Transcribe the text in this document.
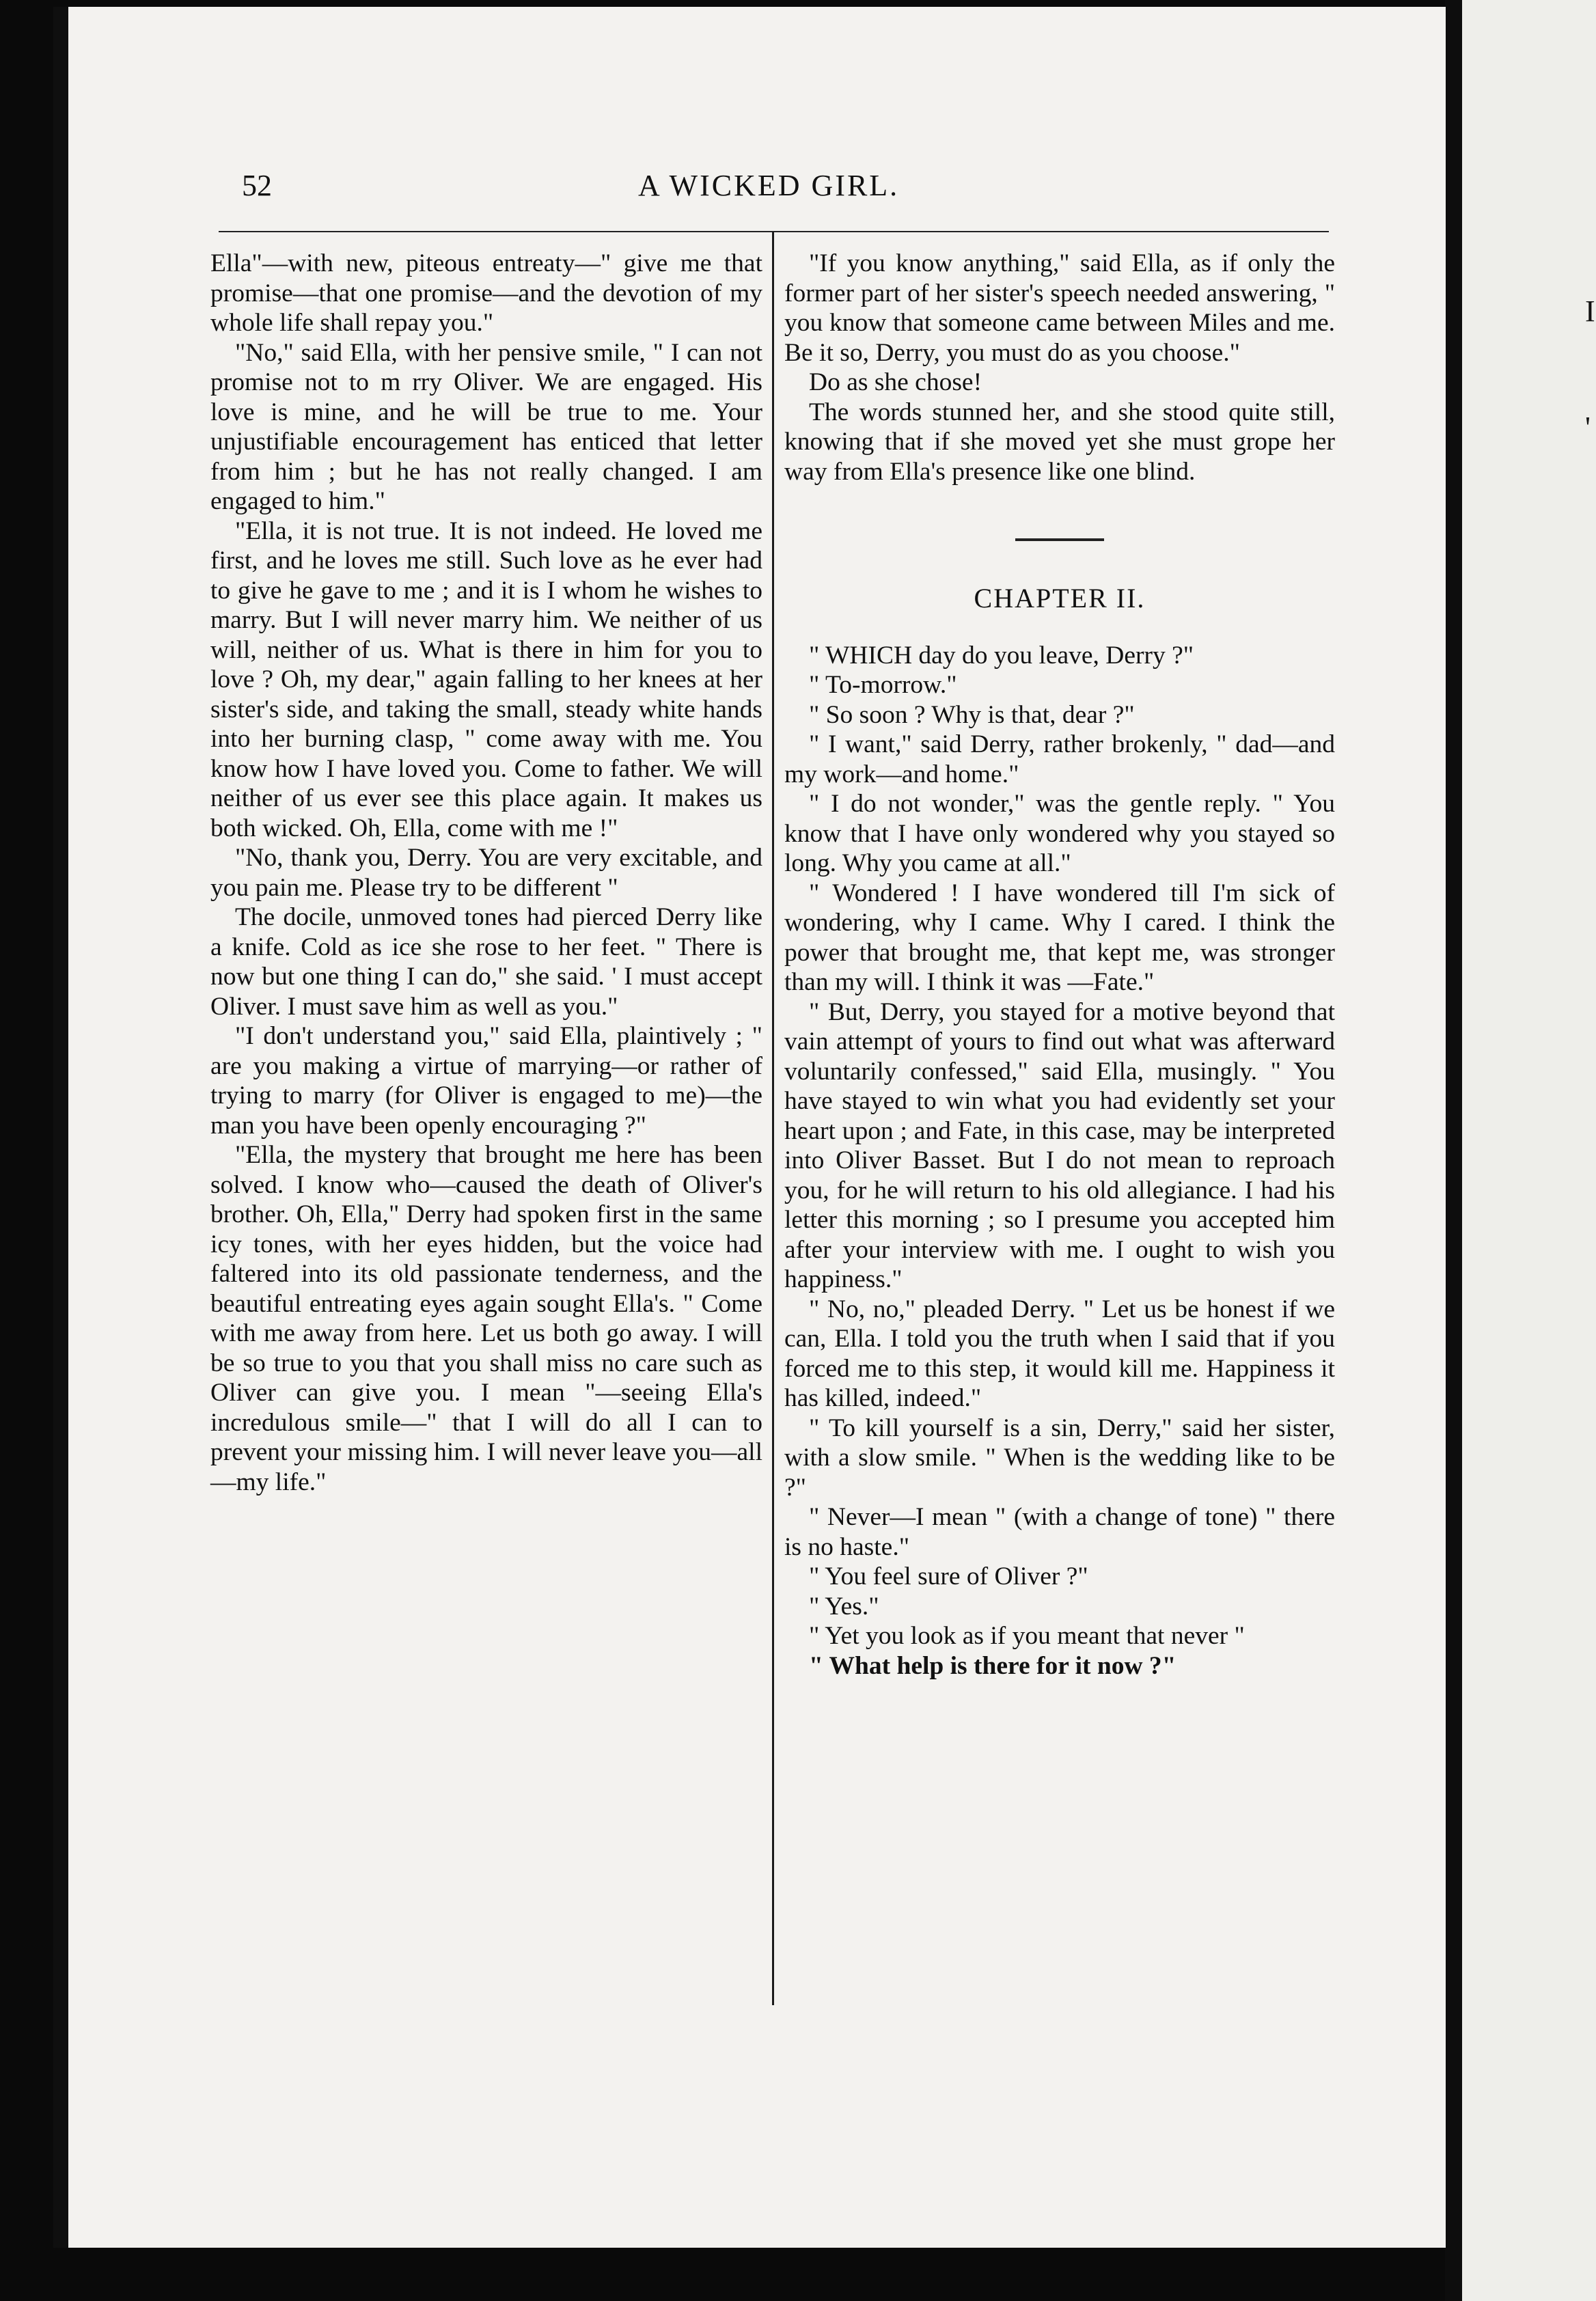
I
'
52	A WICKED GIRL.

Ella"—with new, piteous entreaty—" give me that promise—that one promise—and the devotion of my whole life shall repay you."

"No," said Ella, with her pensive smile, " I can not promise not to m rry Oliver. We are engaged. His love is mine, and he will be true to me. Your unjustifiable encouragement has enticed that letter from him ; but he has not really changed. I am engaged to him."

"Ella, it is not true. It is not indeed. He loved me first, and he loves me still. Such love as he ever had to give he gave to me ; and it is I whom he wishes to marry. But I will never marry him. We neither of us will, neither of us. What is there in him for you to love ? Oh, my dear," again falling to her knees at her sister's side, and taking the small, steady white hands into her burning clasp, " come away with me. You know how I have loved you. Come to father. We will neither of us ever see this place again. It makes us both wicked. Oh, Ella, come with me !"

"No, thank you, Derry. You are very excitable, and you pain me. Please try to be different "

The docile, unmoved tones had pierced Derry like a knife. Cold as ice she rose to her feet. " There is now but one thing I can do," she said. ' I must accept Oliver. I must save him as well as you."

"I don't understand you," said Ella, plaintively ; " are you making a virtue of marrying—or rather of trying to marry (for Oliver is engaged to me)—the man you have been openly encouraging ?"

"Ella, the mystery that brought me here has been solved. I know who—caused the death of Oliver's brother. Oh, Ella," Derry had spoken first in the same icy tones, with her eyes hidden, but the voice had faltered into its old passionate tenderness, and the beautiful entreating eyes again sought Ella's. " Come with me away from here. Let us both go away. I will be so true to you that you shall miss no care such as Oliver can give you. I mean "—seeing Ella's incredulous smile—" that I will do all I can to prevent your missing him. I will never leave you—all—my life."

"If you know anything," said Ella, as if only the former part of her sister's speech needed answering, " you know that someone came between Miles and me. Be it so, Derry, you must do as you choose."

Do as she chose!

The words stunned her, and she stood quite still, knowing that if she moved yet she must grope her way from Ella's presence like one blind.

CHAPTER II.

" WHICH day do you leave, Derry ?"

" To-morrow."

" So soon ? Why is that, dear ?"

" I want," said Derry, rather brokenly, " dad—and my work—and home."

" I do not wonder," was the gentle reply. " You know that I have only wondered why you stayed so long. Why you came at all."

" Wondered ! I have wondered till I'm sick of wondering, why I came. Why I cared. I think the power that brought me, that kept me, was stronger than my will. I think it was —Fate."

" But, Derry, you stayed for a motive beyond that vain attempt of yours to find out what was afterward voluntarily confessed," said Ella, musingly. " You have stayed to win what you had evidently set your heart upon ; and Fate, in this case, may be interpreted into Oliver Basset. But I do not mean to reproach you, for he will return to his old allegiance. I had his letter this morning ; so I presume you accepted him after your interview with me. I ought to wish you happiness."

" No, no," pleaded Derry. " Let us be honest if we can, Ella. I told you the truth when I said that if you forced me to this step, it would kill me. Happiness it has killed, indeed."

" To kill yourself is a sin, Derry," said her sister, with a slow smile. " When is the wedding like to be ?"

" Never—I mean " (with a change of tone) " there is no haste."

" You feel sure of Oliver ?"

" Yes."

" Yet you look as if you meant that never "

" What help is there for it now ?"
